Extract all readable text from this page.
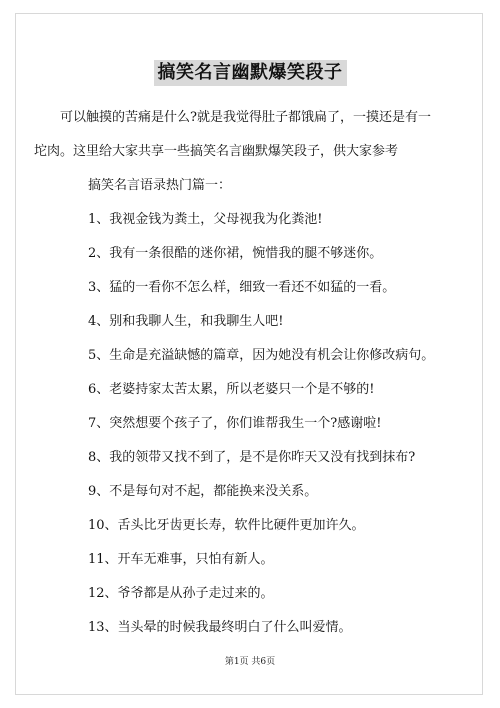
搞笑名言幽默爆笑段子
可以触摸的苦痛是什么?就是我觉得肚子都饿扁了，一摸还是有一
坨肉。这里给大家共享一些搞笑名言幽默爆笑段子，供大家参考
搞笑名言语录热门篇一：
1、我视金钱为粪土，父母视我为化粪池!
2、我有一条很酷的迷你裙，惋惜我的腿不够迷你。
3、猛的一看你不怎么样，细致一看还不如猛的一看。
4、别和我聊人生，和我聊生人吧!
5、生命是充溢缺憾的篇章，因为她没有机会让你修改病句。
6、老婆持家太苦太累，所以老婆只一个是不够的!
7、突然想要个孩子了，你们谁帮我生一个?感谢啦!
8、我的领带又找不到了，是不是你昨天又没有找到抹布?
9、不是每句对不起，都能换来没关系。
10、舌头比牙齿更长寿，软件比硬件更加许久。
11、开车无难事，只怕有新人。
12、爷爷都是从孙子走过来的。
13、当头晕的时候我最终明白了什么叫爱情。
第1页 共6页
